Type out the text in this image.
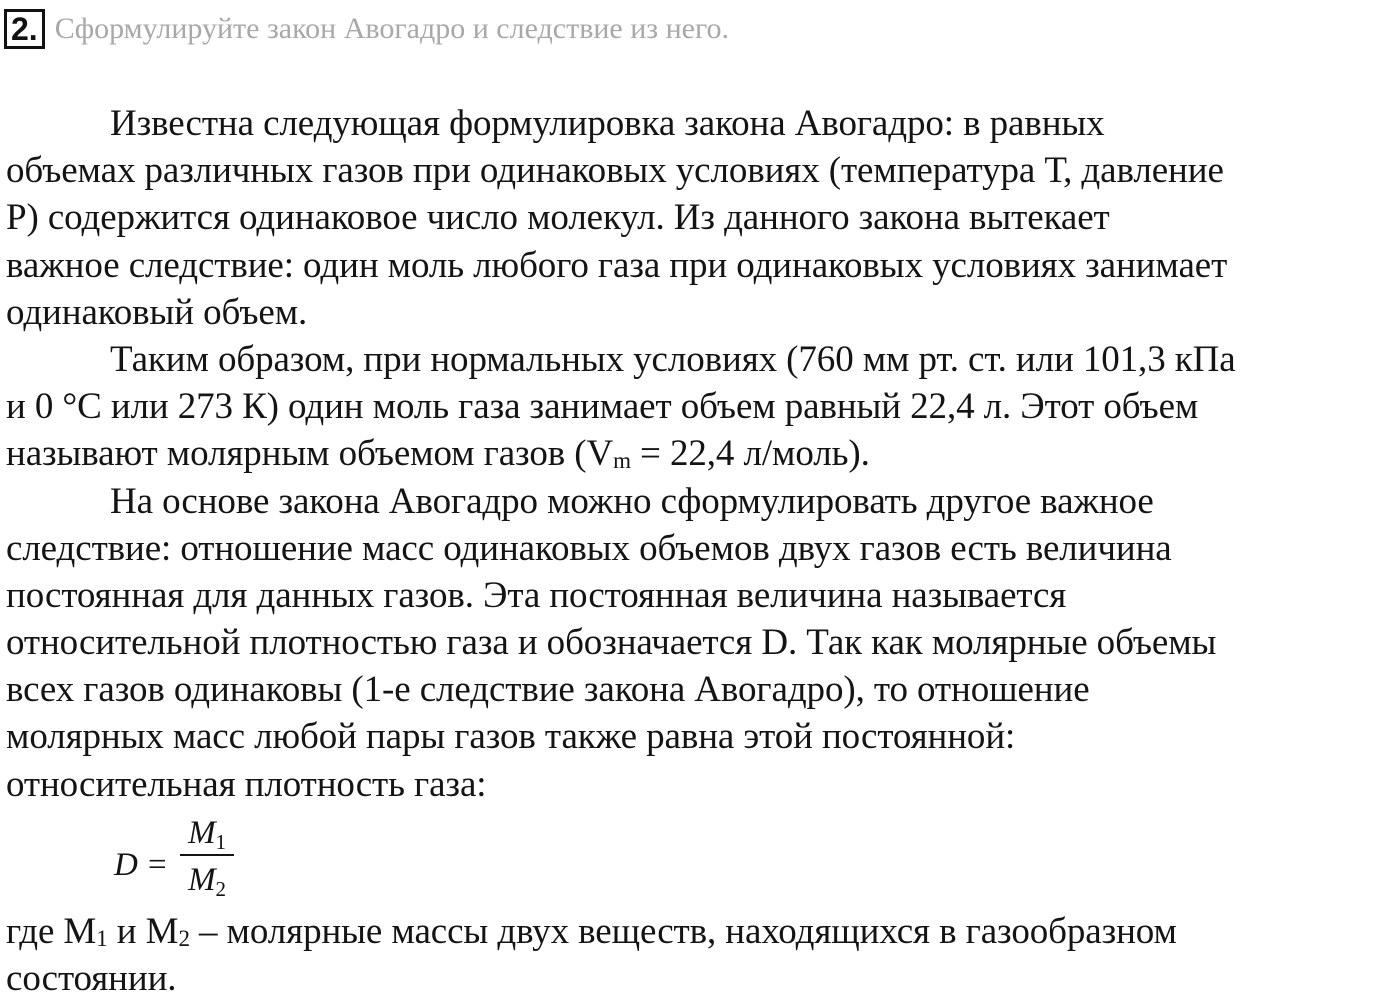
2. Сформулируйте закон Авогадро и следствие из него.
Известна следующая формулировка закона Авогадро: в равных
объемах различных газов при одинаковых условиях (температура Т, давление
Р) содержится одинаковое число молекул. Из данного закона вытекает
важное следствие: один моль любого газа при одинаковых условиях занимает
одинаковый объем.
Таким образом, при нормальных условиях (760 мм рт. ст. или 101,3 кПа
и 0 °С или 273 К) один моль газа занимает объем равный 22,4 л. Этот объем
называют молярным объемом газов ($V_m = 22,4$ л/моль).
На основе закона Авогадро можно сформулировать другое важное
следствие: отношение масс одинаковых объемов двух газов есть величина
постоянная для данных газов. Эта постоянная величина называется
относительной плотностью газа и обозначается D. Так как молярные объемы
всех газов одинаковы (1-е следствие закона Авогадро), то отношение
молярных масс любой пары газов также равна этой постоянной:
относительная плотность газа:
D =
$M_1$
$M_2$
где $М_1$ и $М_2$ – молярные массы двух веществ, находящихся в газообразном
состоянии.
